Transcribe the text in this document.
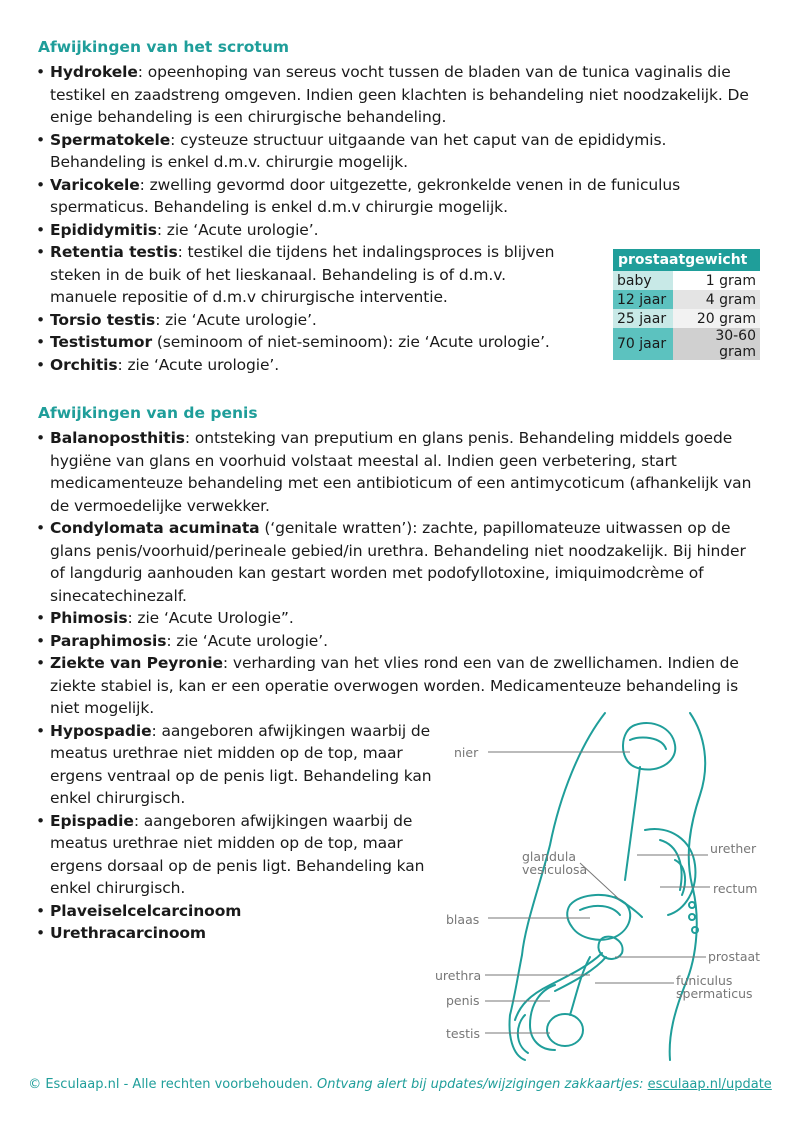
Afwijkingen van het scrotum
• Hydrokele: opeenhoping van sereus vocht tussen de bladen van de tunica vaginalis die testikel en zaadstreng omgeven. Indien geen klachten is behandeling niet noodzakelijk. De enige behandeling is een chirurgische behandeling.
• Spermatokele: cysteuze structuur uitgaande van het caput van de epididymis. Behandeling is enkel d.m.v. chirurgie mogelijk.
• Varicokele: zwelling gevormd door uitgezette, gekronkelde venen in de funiculus spermaticus. Behandeling is enkel d.m.v chirurgie mogelijk.
• Epididymitis: zie ‘Acute urologie’.
• Retentia testis: testikel die tijdens het indalingsproces is blijven steken in de buik of het lieskanaal. Behandeling is of d.m.v. manuele repositie of d.m.v chirurgische interventie.
• Torsio testis: zie ‘Acute urologie’.
• Testistumor (seminoom of niet-seminoom): zie ‘Acute urologie’.
• Orchitis: zie ‘Acute urologie’.
prostaatgewicht	
baby	1 gram
12 jaar	4 gram
25 jaar	20 gram
70 jaar	30-60 gram
Afwijkingen van de penis
• Balanoposthitis: ontsteking van preputium en glans penis. Behandeling middels goede hygiëne van glans en voorhuid volstaat meestal al. Indien geen verbetering, start medicamenteuze behandeling met een antibioticum of een antimycoticum (afhankelijk van de vermoedelijke verwekker.
• Condylomata acuminata (‘genitale wratten’): zachte, papillomateuze uitwassen op de glans penis/voorhuid/perineale gebied/in urethra. Behandeling niet noodzakelijk. Bij hinder of langdurig aanhouden kan gestart worden met podofyllotoxine, imiquimodcrème of sinecatechinezalf.
• Phimosis: zie ‘Acute Urologie”.
• Paraphimosis: zie ‘Acute urologie’.
• Ziekte van Peyronie: verharding van het vlies rond een van de zwellichamen. Indien de ziekte stabiel is, kan er een operatie overwogen worden. Medicamenteuze behandeling is niet mogelijk.
• Hypospadie: aangeboren afwijkingen waarbij de meatus urethrae niet midden op de top, maar ergens ventraal op de penis ligt. Behandeling kan enkel chirurgisch.
• Epispadie: aangeboren afwijkingen waarbij de meatus urethrae niet midden op de top, maar ergens dorsaal op de penis ligt. Behandeling kan enkel chirurgisch.
• Plaveiselcelcarcinoom
• Urethracarcinoom
nier
glandula
vesiculosa
urether
rectum
blaas
prostaat
urethra	funiculus
spermaticus
penis
testis
© Esculaap.nl - Alle rechten voorbehouden. Ontvang alert bij updates/wijzigingen zakkaartjes: esculaap.nl/update
